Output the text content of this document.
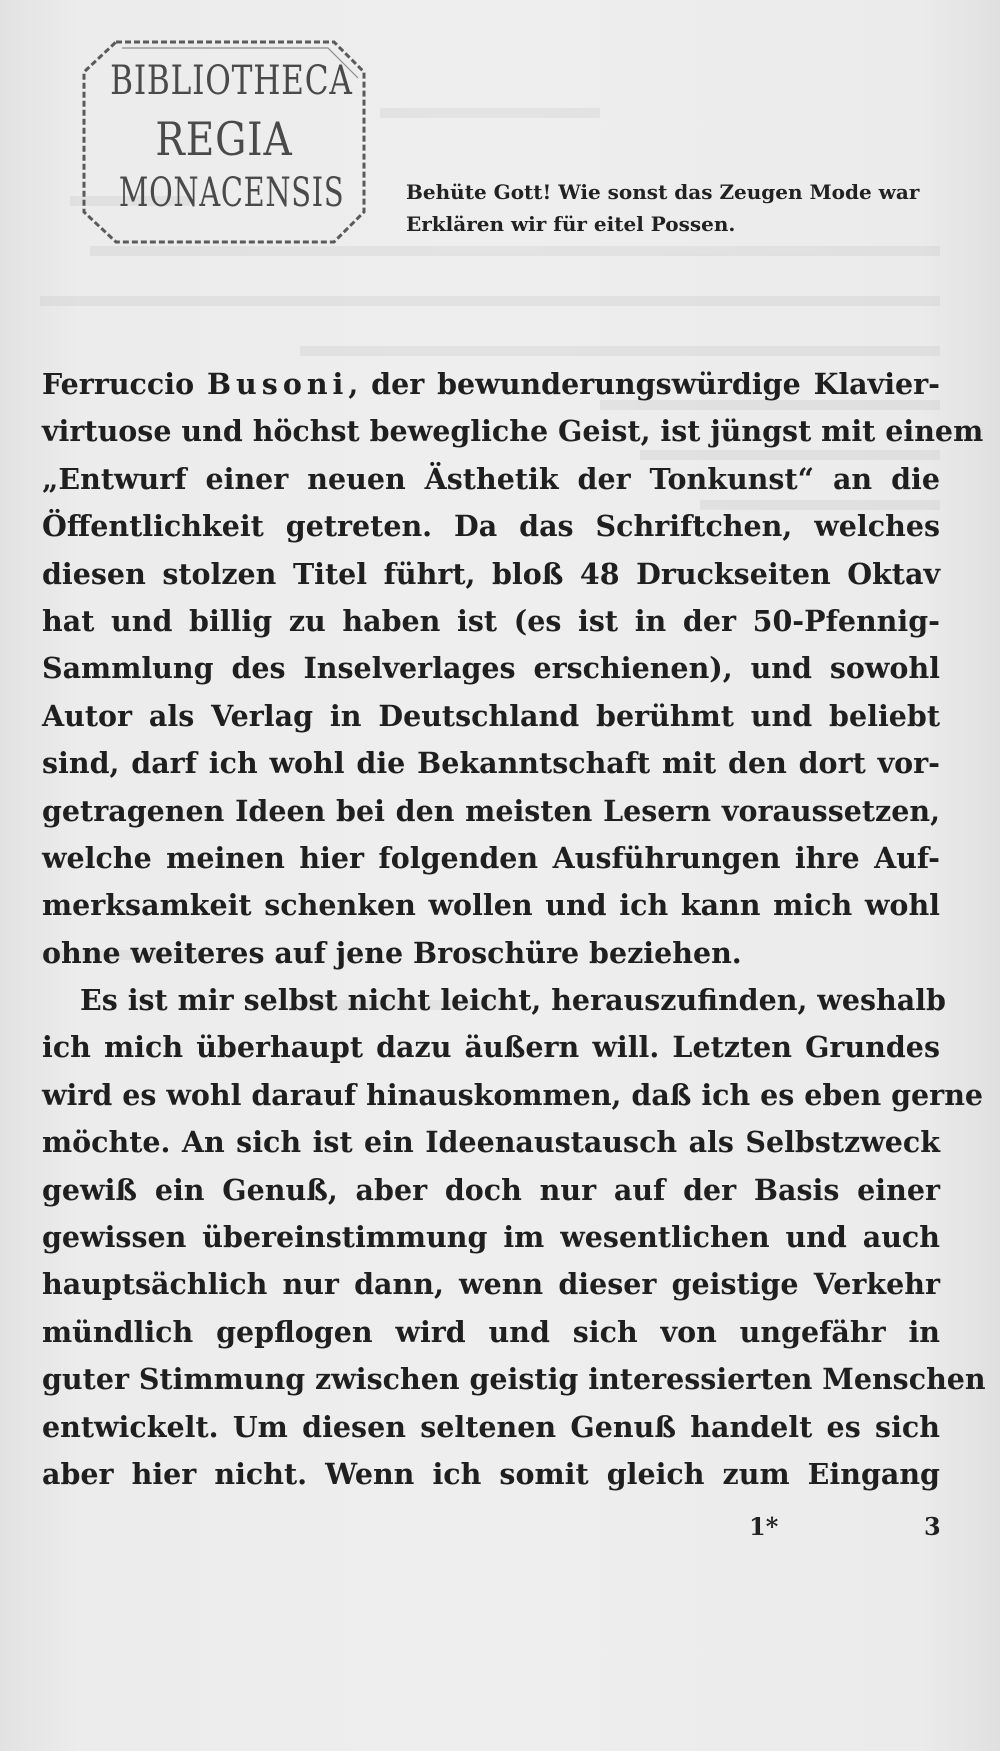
BIBLIOTHECA
REGIA
MONACENSIS	Behüte Gott! Wie sonst das Zeugen Mode war
Erklären wir für eitel Possen.
Ferruccio Busoni, der bewunderungswürdige Klavier-
virtuose und höchst bewegliche Geist, ist jüngst mit einem
„Entwurf einer neuen Ästhetik der Tonkunst“ an die
Öffentlichkeit getreten. Da das Schriftchen, welches
diesen stolzen Titel führt, bloß 48 Druckseiten Oktav
hat und billig zu haben ist (es ist in der 50-Pfennig-
Sammlung des Inselverlages erschienen), und sowohl
Autor als Verlag in Deutschland berühmt und beliebt
sind, darf ich wohl die Bekanntschaft mit den dort vor-
getragenen Ideen bei den meisten Lesern voraussetzen,
welche meinen hier folgenden Ausführungen ihre Auf-
merksamkeit schenken wollen und ich kann mich wohl
ohne weiteres auf jene Broschüre beziehen.
Es ist mir selbst nicht leicht, herauszufinden, weshalb
ich mich überhaupt dazu äußern will. Letzten Grundes
wird es wohl darauf hinauskommen, daß ich es eben gerne
möchte. An sich ist ein Ideenaustausch als Selbstzweck
gewiß ein Genuß, aber doch nur auf der Basis einer
gewissen übereinstimmung im wesentlichen und auch
hauptsächlich nur dann, wenn dieser geistige Verkehr
mündlich gepflogen wird und sich von ungefähr in
guter Stimmung zwischen geistig interessierten Menschen
entwickelt. Um diesen seltenen Genuß handelt es sich
aber hier nicht. Wenn ich somit gleich zum Eingang
1*	3
